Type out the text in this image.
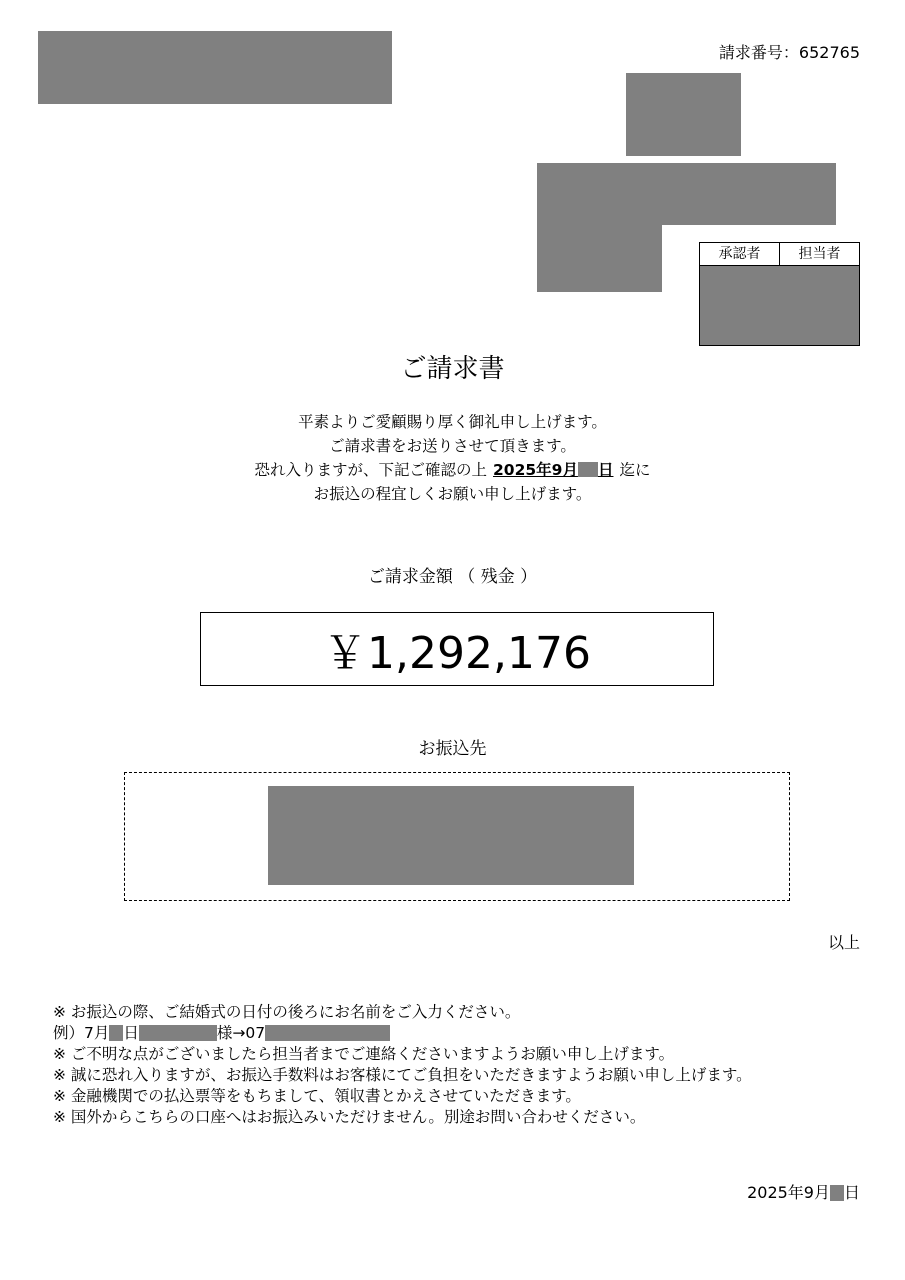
請求番号：652765
承認者	担当者
ご請求書
平素よりご愛顧賜り厚く御礼申し上げます。
ご請求書をお送りさせて頂きます。
恐れ入りますが、下記ご確認の上 2025年9月 日 迄に
お振込の程宜しくお願い申し上げます。
ご請求金額 （ 残金 ）
￥1,292,176
お振込先
以上
※ お振込の際、ご結婚式の日付の後ろにお名前をご入力ください。
例）7月 日	様→07
※ ご不明な点がございましたら担当者までご連絡くださいますようお願い申し上げます。
※ 誠に恐れ入りますが、お振込手数料はお客様にてご負担をいただきますようお願い申し上げます。
※ 金融機関での払込票等をもちまして、領収書とかえさせていただきます。
※ 国外からこちらの口座へはお振込みいただけません。別途お問い合わせください。
2025年9月 日
